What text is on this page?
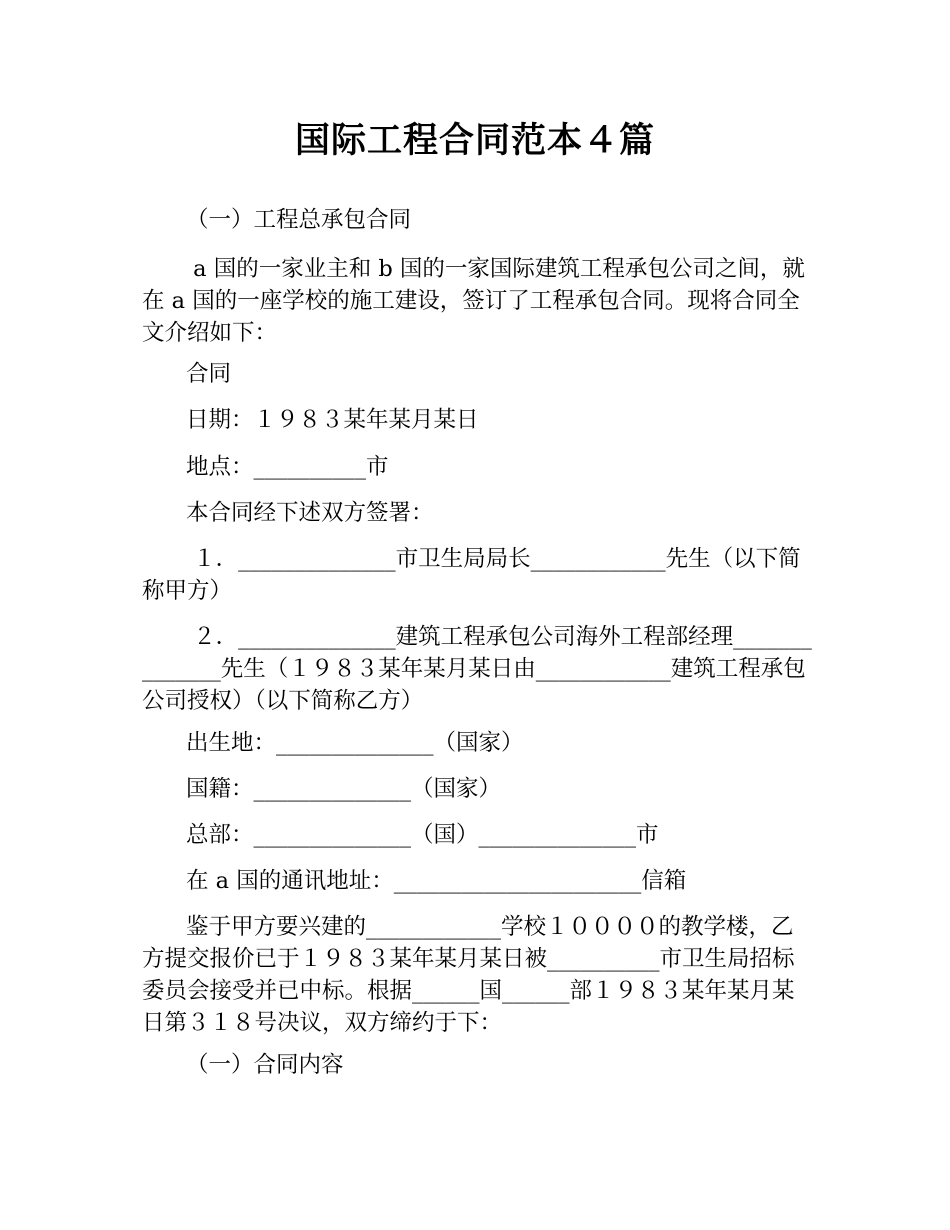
国际工程合同范本４篇

（一）工程总承包合同

a 国的一家业主和 b 国的一家国际建筑工程承包公司之间，就在 a 国的一座学校的施工建设，签订了工程承包合同。现将合同全文介绍如下：

合同

日期：１９８３某年某月某日

地点：__________市

本合同经下述双方签署：

１．______________市卫生局局长____________先生（以下简称甲方）

２．______________建筑工程承包公司海外工程部经理______________先生（１９８３某年某月某日由____________建筑工程承包公司授权）（以下简称乙方）

出生地：______________（国家）

国籍：______________（国家）

总部：______________（国）______________市

在 a 国的通讯地址：______________________信箱

鉴于甲方要兴建的____________学校１００００的教学楼，乙方提交报价已于１９８３某年某月某日被__________市卫生局招标委员会接受并已中标。根据______国______部１９８３某年某月某日第３１８号决议，双方缔约于下：

（一）合同内容
